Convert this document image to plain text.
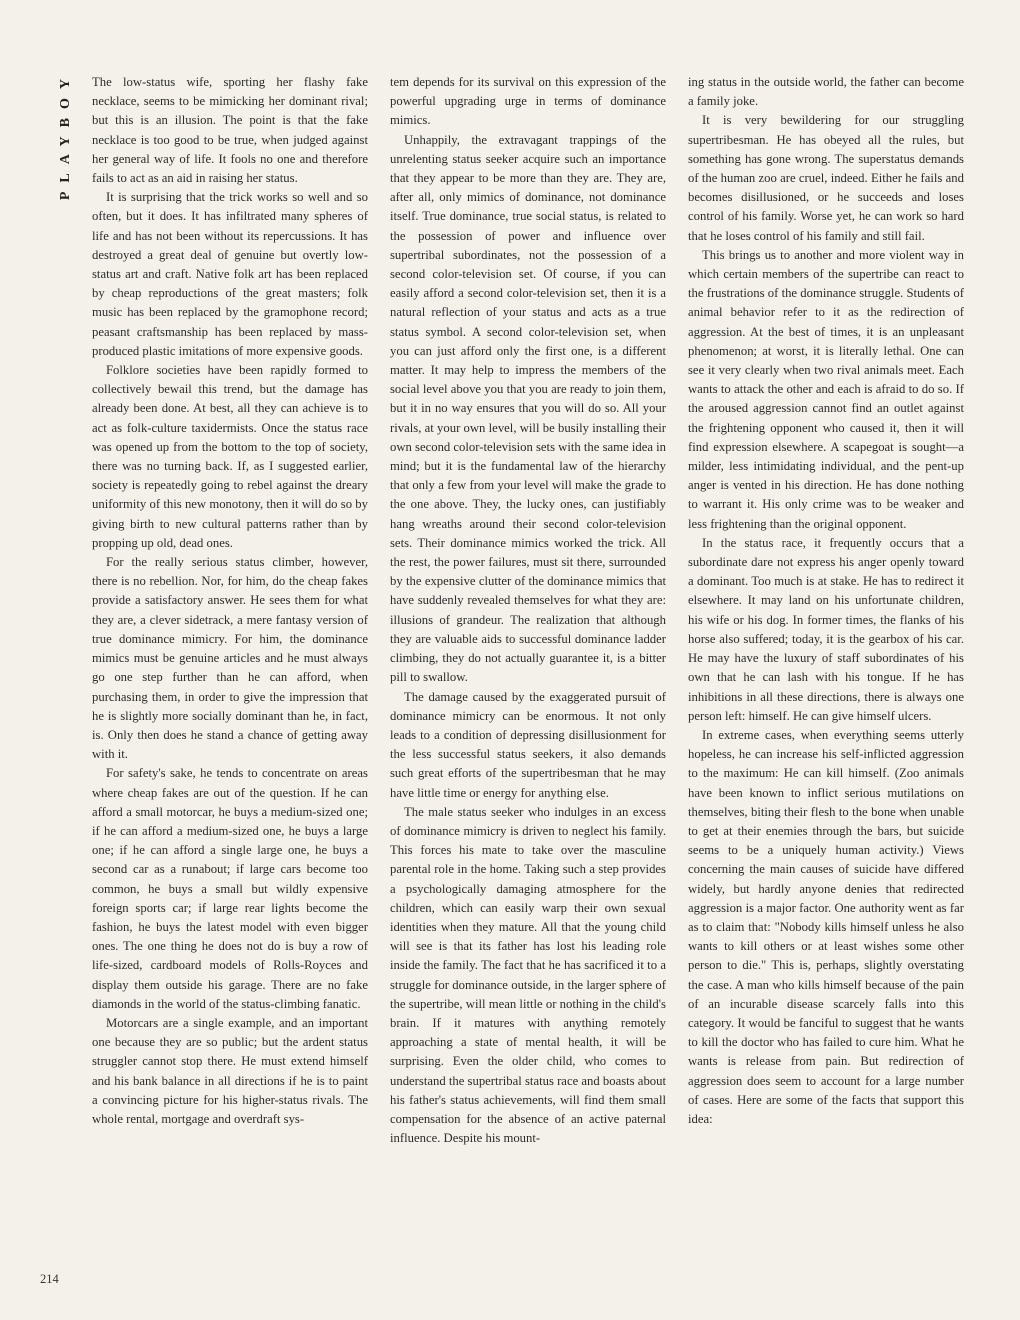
PLAYBOY
214

The low-status wife, sporting her flashy fake necklace, seems to be mimicking her dominant rival; but this is an illusion. The point is that the fake necklace is too good to be true, when judged against her general way of life. It fools no one and therefore fails to act as an aid in raising her status.

It is surprising that the trick works so well and so often, but it does. It has infiltrated many spheres of life and has not been without its repercussions. It has destroyed a great deal of genuine but overtly low-status art and craft. Native folk art has been replaced by cheap reproductions of the great masters; folk music has been replaced by the gramophone record; peasant craftsmanship has been replaced by mass-produced plastic imitations of more expensive goods.

Folklore societies have been rapidly formed to collectively bewail this trend, but the damage has already been done. At best, all they can achieve is to act as folk-culture taxidermists. Once the status race was opened up from the bottom to the top of society, there was no turning back. If, as I suggested earlier, society is repeatedly going to rebel against the dreary uniformity of this new monotony, then it will do so by giving birth to new cultural patterns rather than by propping up old, dead ones.

For the really serious status climber, however, there is no rebellion. Nor, for him, do the cheap fakes provide a satisfactory answer. He sees them for what they are, a clever sidetrack, a mere fantasy version of true dominance mimicry. For him, the dominance mimics must be genuine articles and he must always go one step further than he can afford, when purchasing them, in order to give the impression that he is slightly more socially dominant than he, in fact, is. Only then does he stand a chance of getting away with it.

For safety's sake, he tends to concentrate on areas where cheap fakes are out of the question. If he can afford a small motorcar, he buys a medium-sized one; if he can afford a medium-sized one, he buys a large one; if he can afford a single large one, he buys a second car as a runabout; if large cars become too common, he buys a small but wildly expensive foreign sports car; if large rear lights become the fashion, he buys the latest model with even bigger ones. The one thing he does not do is buy a row of life-sized, cardboard models of Rolls-Royces and display them outside his garage. There are no fake diamonds in the world of the status-climbing fanatic.

Motorcars are a single example, and an important one because they are so public; but the ardent status struggler cannot stop there. He must extend himself and his bank balance in all directions if he is to paint a convincing picture for his higher-status rivals. The whole rental, mortgage and overdraft sys-

tem depends for its survival on this expression of the powerful upgrading urge in terms of dominance mimics.

Unhappily, the extravagant trappings of the unrelenting status seeker acquire such an importance that they appear to be more than they are. They are, after all, only mimics of dominance, not dominance itself. True dominance, true social status, is related to the possession of power and influence over supertribal subordinates, not the possession of a second color-television set. Of course, if you can easily afford a second color-television set, then it is a natural reflection of your status and acts as a true status symbol. A second color-television set, when you can just afford only the first one, is a different matter. It may help to impress the members of the social level above you that you are ready to join them, but it in no way ensures that you will do so. All your rivals, at your own level, will be busily installing their own second color-television sets with the same idea in mind; but it is the fundamental law of the hierarchy that only a few from your level will make the grade to the one above. They, the lucky ones, can justifiably hang wreaths around their second color-television sets. Their dominance mimics worked the trick. All the rest, the power failures, must sit there, surrounded by the expensive clutter of the dominance mimics that have suddenly revealed themselves for what they are: illusions of grandeur. The realization that although they are valuable aids to successful dominance ladder climbing, they do not actually guarantee it, is a bitter pill to swallow.

The damage caused by the exaggerated pursuit of dominance mimicry can be enormous. It not only leads to a condition of depressing disillusionment for the less successful status seekers, it also demands such great efforts of the supertribesman that he may have little time or energy for anything else.

The male status seeker who indulges in an excess of dominance mimicry is driven to neglect his family. This forces his mate to take over the masculine parental role in the home. Taking such a step provides a psychologically damaging atmosphere for the children, which can easily warp their own sexual identities when they mature. All that the young child will see is that its father has lost his leading role inside the family. The fact that he has sacrificed it to a struggle for dominance outside, in the larger sphere of the supertribe, will mean little or nothing in the child's brain. If it matures with anything remotely approaching a state of mental health, it will be surprising. Even the older child, who comes to understand the supertribal status race and boasts about his father's status achievements, will find them small compensation for the absence of an active paternal influence. Despite his mount-

ing status in the outside world, the father can become a family joke.

It is very bewildering for our struggling supertribesman. He has obeyed all the rules, but something has gone wrong. The superstatus demands of the human zoo are cruel, indeed. Either he fails and becomes disillusioned, or he succeeds and loses control of his family. Worse yet, he can work so hard that he loses control of his family and still fail.

This brings us to another and more violent way in which certain members of the supertribe can react to the frustrations of the dominance struggle. Students of animal behavior refer to it as the redirection of aggression. At the best of times, it is an unpleasant phenomenon; at worst, it is literally lethal. One can see it very clearly when two rival animals meet. Each wants to attack the other and each is afraid to do so. If the aroused aggression cannot find an outlet against the frightening opponent who caused it, then it will find expression elsewhere. A scapegoat is sought—a milder, less intimidating individual, and the pent-up anger is vented in his direction. He has done nothing to warrant it. His only crime was to be weaker and less frightening than the original opponent.

In the status race, it frequently occurs that a subordinate dare not express his anger openly toward a dominant. Too much is at stake. He has to redirect it elsewhere. It may land on his unfortunate children, his wife or his dog. In former times, the flanks of his horse also suffered; today, it is the gearbox of his car. He may have the luxury of staff subordinates of his own that he can lash with his tongue. If he has inhibitions in all these directions, there is always one person left: himself. He can give himself ulcers.

In extreme cases, when everything seems utterly hopeless, he can increase his self-inflicted aggression to the maximum: He can kill himself. (Zoo animals have been known to inflict serious mutilations on themselves, biting their flesh to the bone when unable to get at their enemies through the bars, but suicide seems to be a uniquely human activity.) Views concerning the main causes of suicide have differed widely, but hardly anyone denies that redirected aggression is a major factor. One authority went as far as to claim that: "Nobody kills himself unless he also wants to kill others or at least wishes some other person to die." This is, perhaps, slightly overstating the case. A man who kills himself because of the pain of an incurable disease scarcely falls into this category. It would be fanciful to suggest that he wants to kill the doctor who has failed to cure him. What he wants is release from pain. But redirection of aggression does seem to account for a large number of cases. Here are some of the facts that support this idea:
